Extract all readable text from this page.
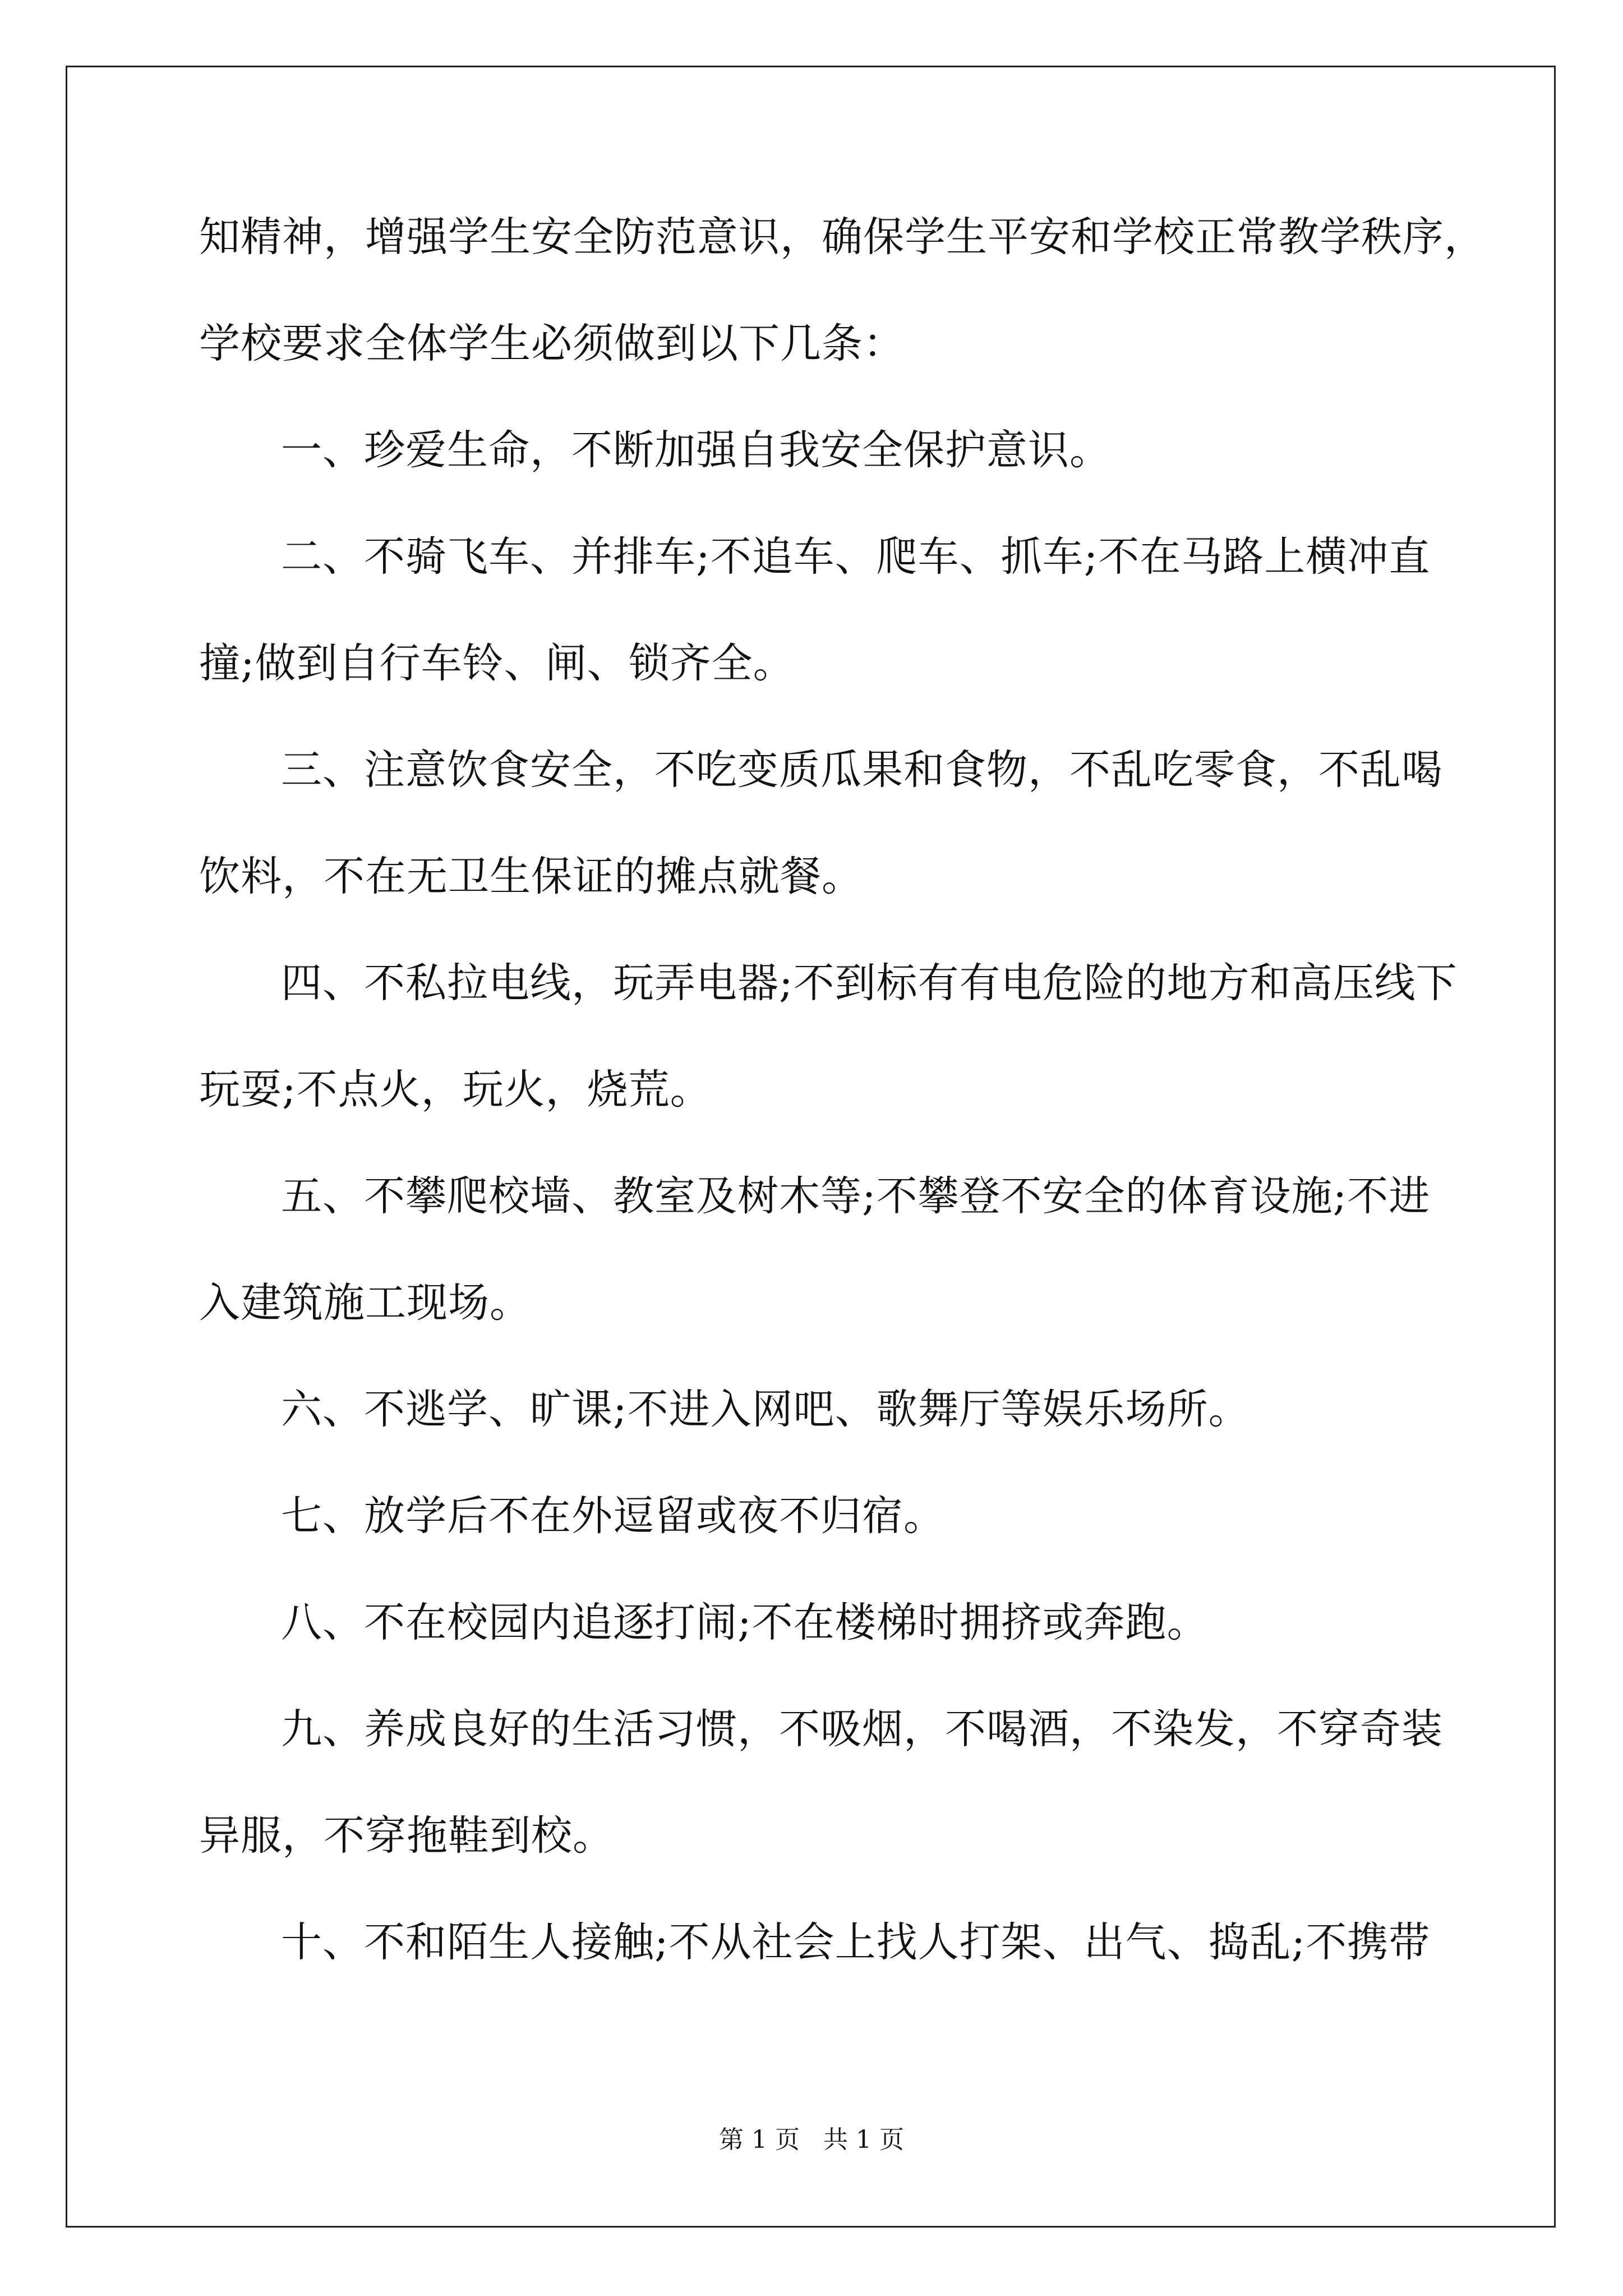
知精神，增强学生安全防范意识，确保学生平安和学校正常教学秩序，
学校要求全体学生必须做到以下几条：
一、珍爱生命，不断加强自我安全保护意识。
二、不骑飞车、并排车;不追车、爬车、抓车;不在马路上横冲直
撞;做到自行车铃、闸、锁齐全。
三、注意饮食安全，不吃变质瓜果和食物，不乱吃零食，不乱喝
饮料，不在无卫生保证的摊点就餐。
四、不私拉电线，玩弄电器;不到标有有电危险的地方和高压线下
玩耍;不点火，玩火，烧荒。
五、不攀爬校墙、教室及树木等;不攀登不安全的体育设施;不进
入建筑施工现场。
六、不逃学、旷课;不进入网吧、歌舞厅等娱乐场所。
七、放学后不在外逗留或夜不归宿。
八、不在校园内追逐打闹;不在楼梯时拥挤或奔跑。
九、养成良好的生活习惯，不吸烟，不喝酒，不染发，不穿奇装
异服，不穿拖鞋到校。
十、不和陌生人接触;不从社会上找人打架、出气、捣乱;不携带
第 1 页   共 1 页
